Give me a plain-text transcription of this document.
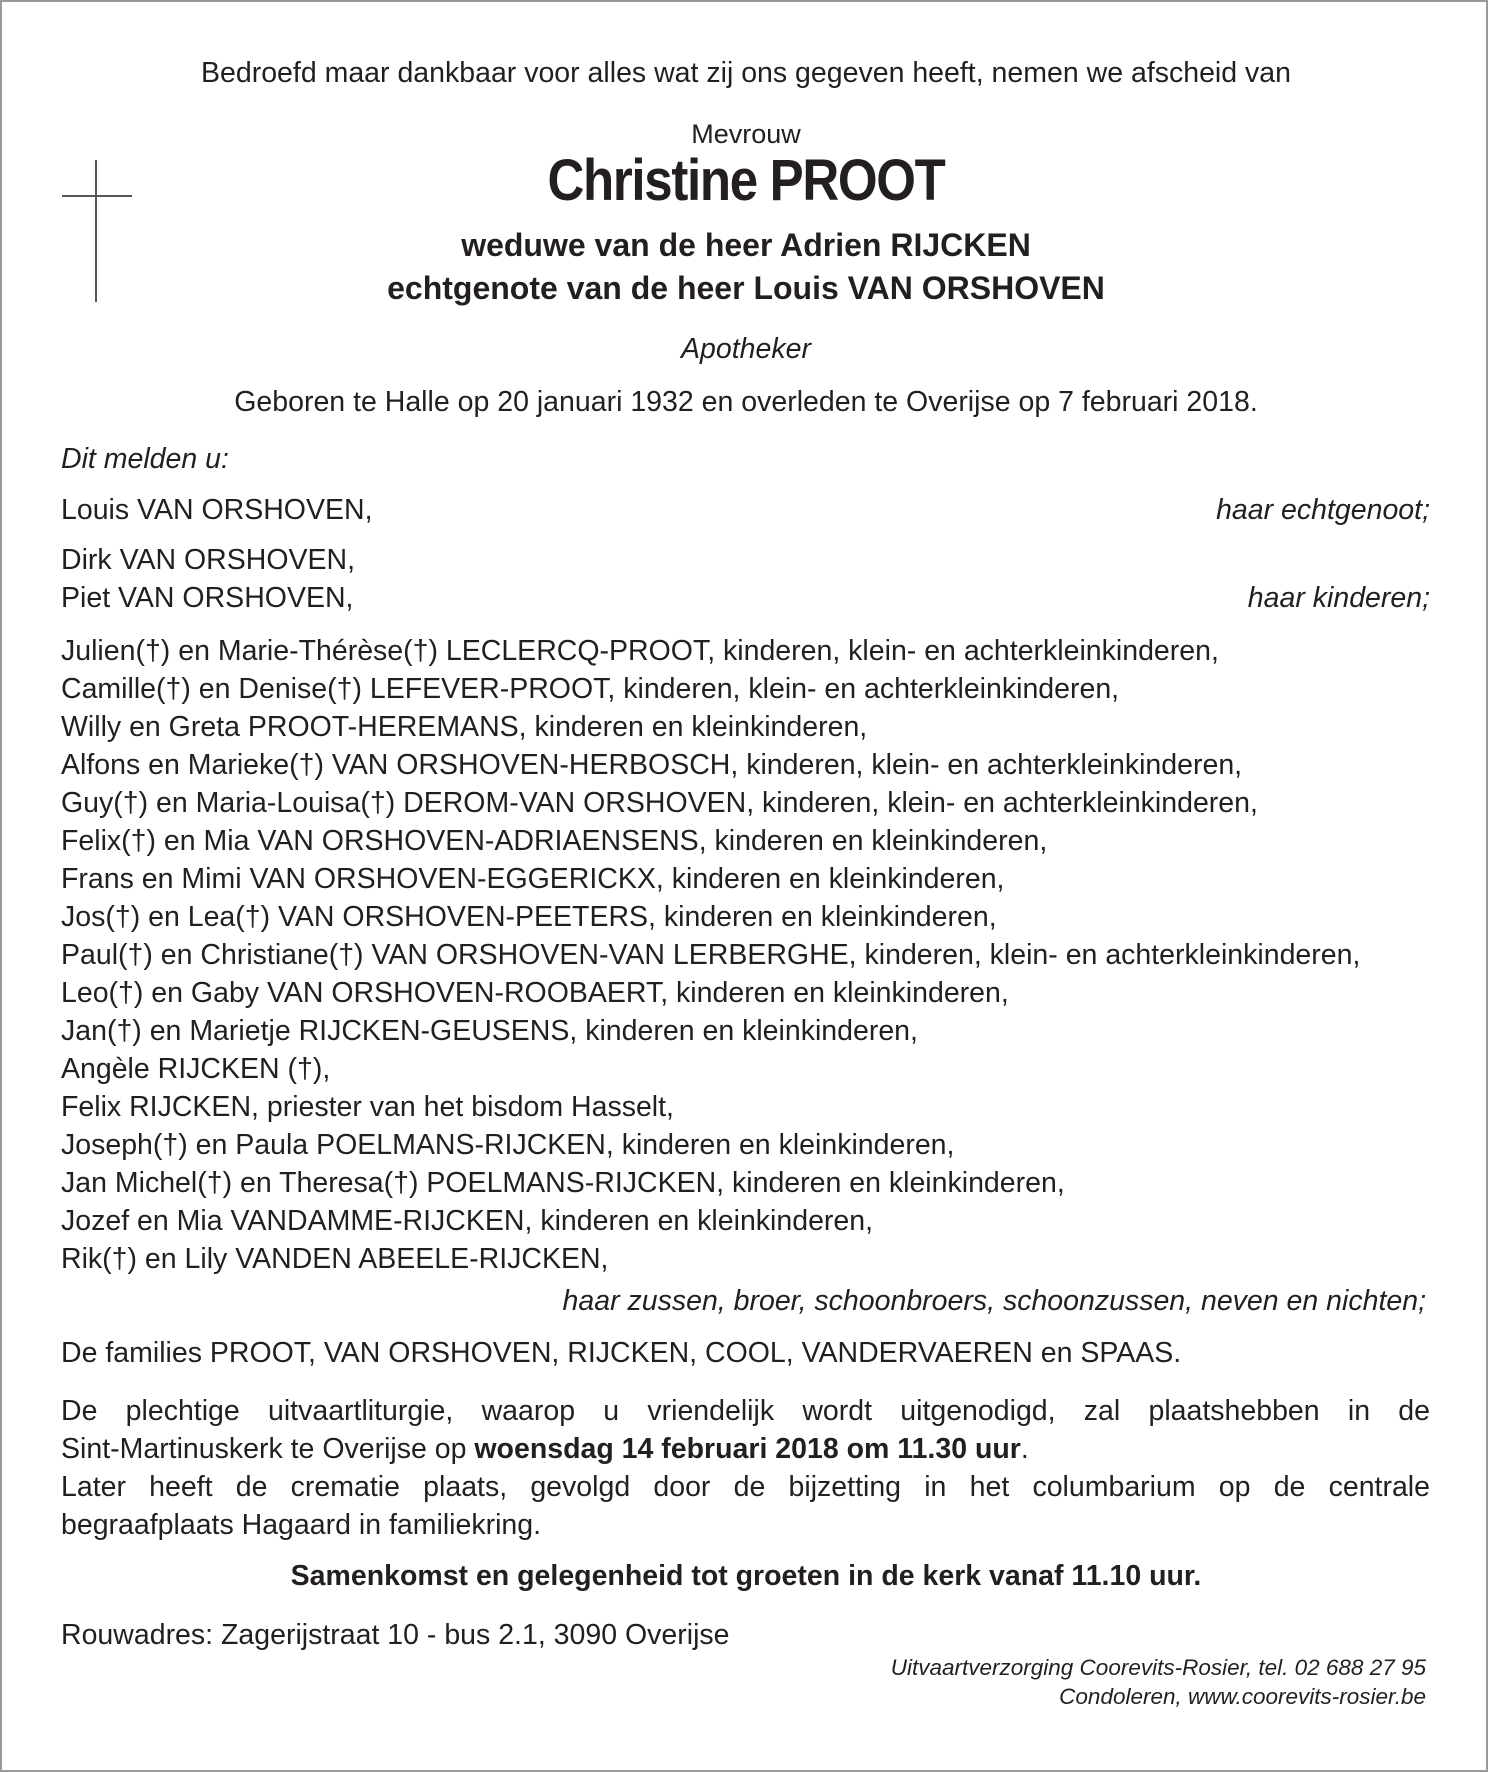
Bedroefd maar dankbaar voor alles wat zij ons gegeven heeft, nemen we afscheid van
Mevrouw
Christine PROOT
weduwe van de heer Adrien RIJCKEN
echtgenote van de heer Louis VAN ORSHOVEN
Apotheker
Geboren te Halle op 20 januari 1932 en overleden te Overijse op 7 februari 2018.
Dit melden u:
Louis VAN ORSHOVEN,	haar echtgenoot;
Dirk VAN ORSHOVEN,
Piet VAN ORSHOVEN,	haar kinderen;
Julien(†) en Marie-Thérèse(†) LECLERCQ-PROOT, kinderen, klein- en achterkleinkinderen,
Camille(†) en Denise(†) LEFEVER-PROOT, kinderen, klein- en achterkleinkinderen,
Willy en Greta PROOT-HEREMANS, kinderen en kleinkinderen,
Alfons en Marieke(†) VAN ORSHOVEN-HERBOSCH, kinderen, klein- en achterkleinkinderen,
Guy(†) en Maria-Louisa(†) DEROM-VAN ORSHOVEN, kinderen, klein- en achterkleinkinderen,
Felix(†) en Mia VAN ORSHOVEN-ADRIAENSENS, kinderen en kleinkinderen,
Frans en Mimi VAN ORSHOVEN-EGGERICKX, kinderen en kleinkinderen,
Jos(†) en Lea(†) VAN ORSHOVEN-PEETERS, kinderen en kleinkinderen,
Paul(†) en Christiane(†) VAN ORSHOVEN-VAN LERBERGHE, kinderen, klein- en achterkleinkinderen,
Leo(†) en Gaby VAN ORSHOVEN-ROOBAERT, kinderen en kleinkinderen,
Jan(†) en Marietje RIJCKEN-GEUSENS, kinderen en kleinkinderen,
Angèle RIJCKEN (†),
Felix RIJCKEN, priester van het bisdom Hasselt,
Joseph(†) en Paula POELMANS-RIJCKEN, kinderen en kleinkinderen,
Jan Michel(†) en Theresa(†) POELMANS-RIJCKEN, kinderen en kleinkinderen,
Jozef en Mia VANDAMME-RIJCKEN, kinderen en kleinkinderen,
Rik(†) en Lily VANDEN ABEELE-RIJCKEN,
haar zussen, broer, schoonbroers, schoonzussen, neven en nichten;
De families PROOT, VAN ORSHOVEN, RIJCKEN, COOL, VANDERVAEREN en SPAAS.
De plechtige uitvaartliturgie, waarop u vriendelijk wordt uitgenodigd, zal plaatshebben in de
Sint-Martinuskerk te Overijse op woensdag 14 februari 2018 om 11.30 uur.
Later heeft de crematie plaats, gevolgd door de bijzetting in het columbarium op de centrale
begraafplaats Hagaard in familiekring.
Samenkomst en gelegenheid tot groeten in de kerk vanaf 11.10 uur.
Rouwadres: Zagerijstraat 10 - bus 2.1, 3090 Overijse
Uitvaartverzorging Coorevits-Rosier, tel. 02 688 27 95
Condoleren, www.coorevits-rosier.be
